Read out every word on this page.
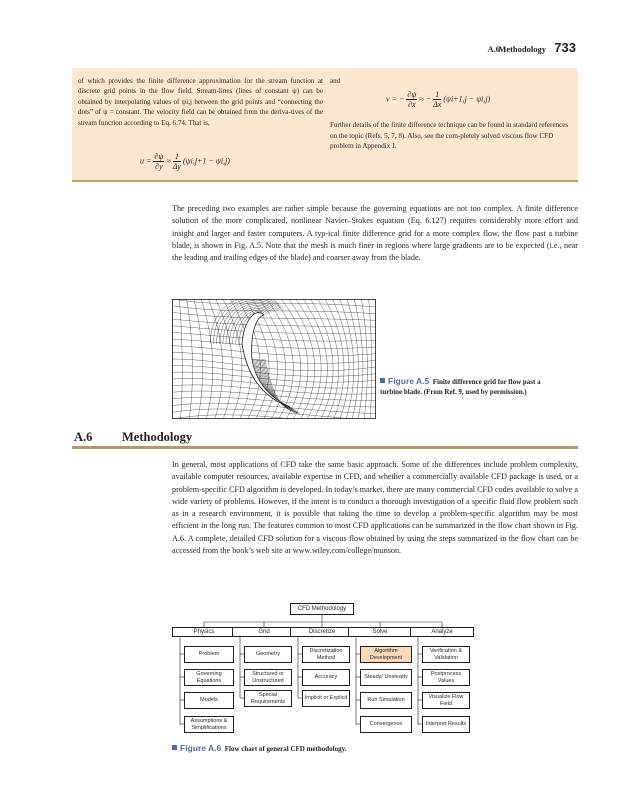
A.6
Methodology 733
of which provides the finite difference approximation for the stream function at discrete grid points in the flow field. Stream-lines (lines of constant ψ) can be obtained by interpolating values of ψi,j between the grid points and “connecting the dots” of ψ = constant. The velocity field can be obtained from the deriva-tives of the stream function according to Eq. 6.74. That is,
$u = \frac{\partial\psi}{\partial y} \approx \frac{1}{\Delta y} (\psi i,j+1 - \psi i,j)$
and
Further details of the finite difference technique can be found in standard references on the topic (Refs. 5, 7, 8). Also, see the com-pletely solved viscous flow CFD problem in Appendix I.
v = − $\frac{\partial\psi}{\partial x}$ ≈ − $\frac{1}{\Delta x} (\psi i+1,j - \psi i,j)$
The preceding two examples are rather simple because the governing equations are not too complex. A finite difference solution of the more complicated, nonlinear Navier–Stokes equation (Eq. 6.127) requires considerably more effort and insight and larger and faster computers. A typ-ical finite difference grid for a more complex flow, the flow past a turbine blade, is shown in Fig. A.5. Note that the mesh is much finer in regions where large gradients are to be expected (i.e., near the leading and trailing edges of the blade) and coarser away from the blade.
Figure A.5 Finite difference grid for flow past a turbine blade. (From Ref. 9, used by permission.)
A.6 Methodology
In general, most applications of CFD take the same basic approach. Some of the differences include problem complexity, available computer resources, available expertise in CFD, and whether a commercially available CFD package is used, or a problem-specific CFD algorithm is developed. In today’s market, there are many commercial CFD codes available to solve a wide variety of problems. However, if the intent is to conduct a thorough investigation of a specific fluid flow problem such as in a research environment, it is possible that taking the time to develop a problem-specific algorithm may be most efficient in the long run. The features common to most CFD applications can be summarized in the flow chart shown in Fig. A.6. A complete, detailed CFD solution for a viscous flow obtained by using the steps summarized in the flow chart can be accessed from the book’s web site at www.wiley.com/college/munson.
CFD Methodology
Physics	Grid	Discretize	Solve	Analyze
Problem
Governing Equations
Models
Assumptions & Simplifications
Geometry
Structured or Unstructured
Special Requirements
Discretization Method
Accuracy
Implicit or Explicit
Algorithm Development
Steady/ Unsteady
Run Simulation
Convergence
Verification & Validation
Postprocess Values
Visualize Flow Field
Interpret Results
Figure A.6 Flow chart of general CFD methodology.
